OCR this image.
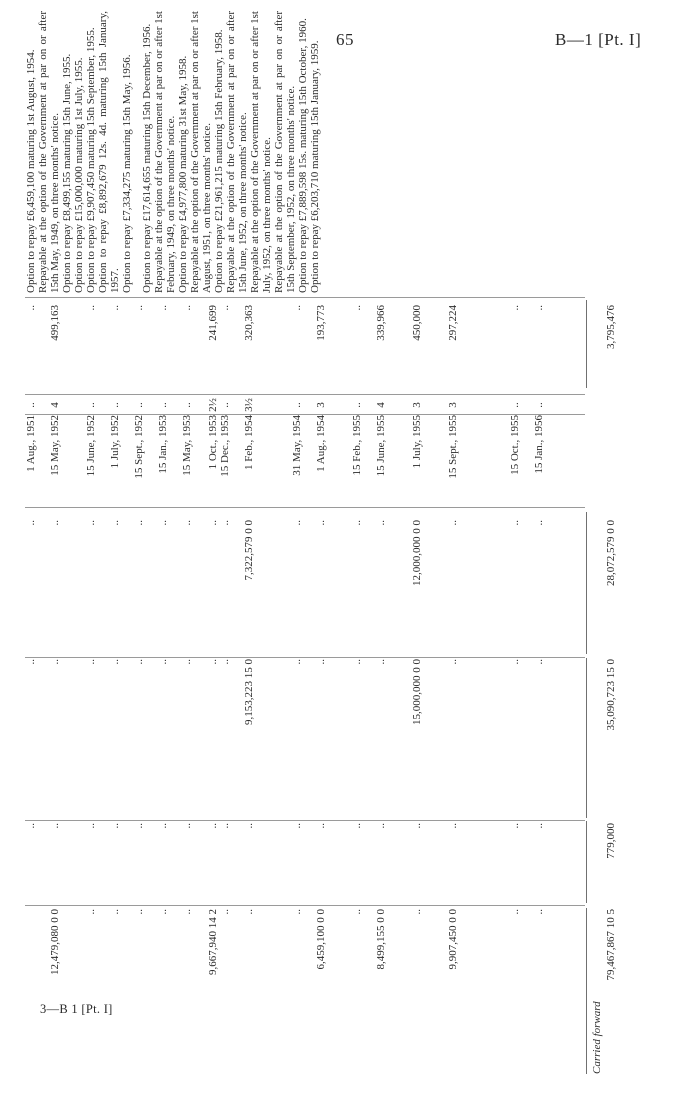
65	B—1 [Pt. I]
..
..
..
1 Aug., 1951
..
..
12,479,080 0 0
..
..
..
15 May, 1952
4
499,163
..
..
..
..
15 June, 1952
..
..
..
..
..
..
1 July, 1952
..
..
..
..
..
..
15 Sept., 1952
..
..
..
..
..
..
15 Jan., 1953
..
..
..
..
..
..
15 May, 1953
..
..
9,667,940 14 2
..
..
..
1 Oct., 1953
2½
241,699
..
..
..
..
15 Dec., 1953
..
..
..
..
9,153,223 15 0
7,322,579 0 0
1 Feb., 1954
3½
320,363
..
..
..
..
31 May, 1954
..
..
6,459,100 0 0
..
..
..
1 Aug., 1954
3
193,773
..
..
..
..
15 Feb., 1955
..
..
8,499,155 0 0
..
..
..
15 June, 1955
4
339,966
..
..
15,000,000 0 0
12,000,000 0 0
1 July, 1955
3
450,000
9,907,450 0 0
..
..
..
15 Sept., 1955
3
297,224
..
..
..
..
15 Oct., 1955
..
..
..
..
..
..
15 Jan., 1956
..
..

Option to repay £6,459,100 maturing 1st August, 1954. Repayable at the option of the Government at par on or after 15th May, 1949, on three months' notice. Option to repay £8,499,155 maturing 15th June, 1955. Option to repay £15,000,000 maturing 1st July, 1955. Option to repay £9,907,450 maturing 15th September, 1955. Option to repay £8,892,679 12s. 4d. maturing 15th January, 1957. Option to repay £7,334,275 maturing 15th May, 1956. Option to repay £17,614,655 maturing 15th December, 1956. Repayable at the option of the Government at par on or after 1st February, 1949, on three months' notice. Option to repay £4,977,800 maturing 31st May, 1958. Repayable at the option of the Government at par on or after 1st August, 1951, on three months' notice. Option to repay £21,961,215 maturing 15th February, 1958. Repayable at the option of the Government at par on or after 15th June, 1952, on three months' notice. Repayable at the option of the Government at par on or after 1st July, 1952, on three months' notice. Repayable at the option of the Government at par on or after 15th September, 1952, on three months' notice. Option to repay £7,889,598 15s. maturing 15th October, 1960. Option to repay £6,203,710 maturing 15th January, 1959.

Carried forward
79,467,867 10 5
779,000
35,090,723 15 0
28,072,579 0 0
3,795,476
3—B 1 [Pt. I]
